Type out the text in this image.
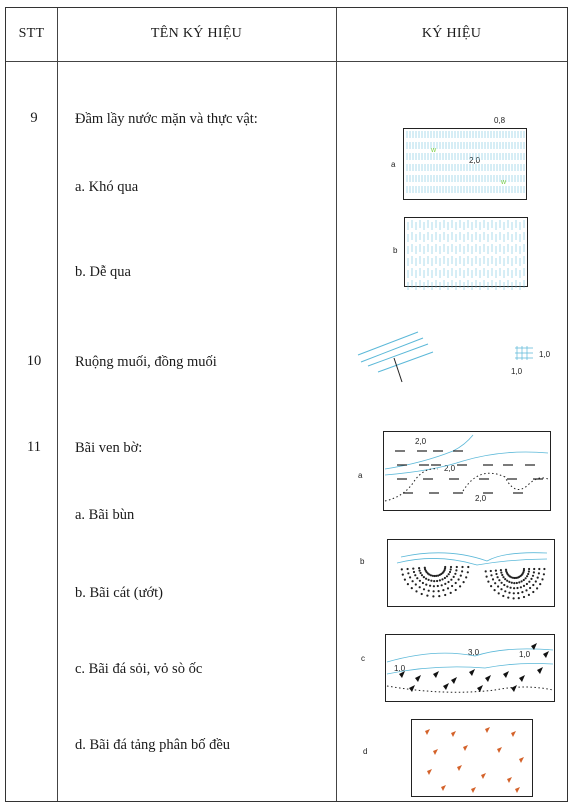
STT	TÊN KÝ HIỆU	KÝ HIỆU
9	Đầm lầy nước mặn và thực vật:
a. Khó qua
b. Dễ qua
10	Ruộng muối, đồng muối
11	Bãi ven bờ:
a. Bãi bùn
b. Bãi cát (ướt)
c. Bãi đá sỏi, vỏ sò ốc
d. Bãi đá tảng phân bố đều
a
b
a
b
c
d
0,8
2,0
1,0
1,0
2,0
2,0
2,0
3,0
1,0
1,0
w
w
